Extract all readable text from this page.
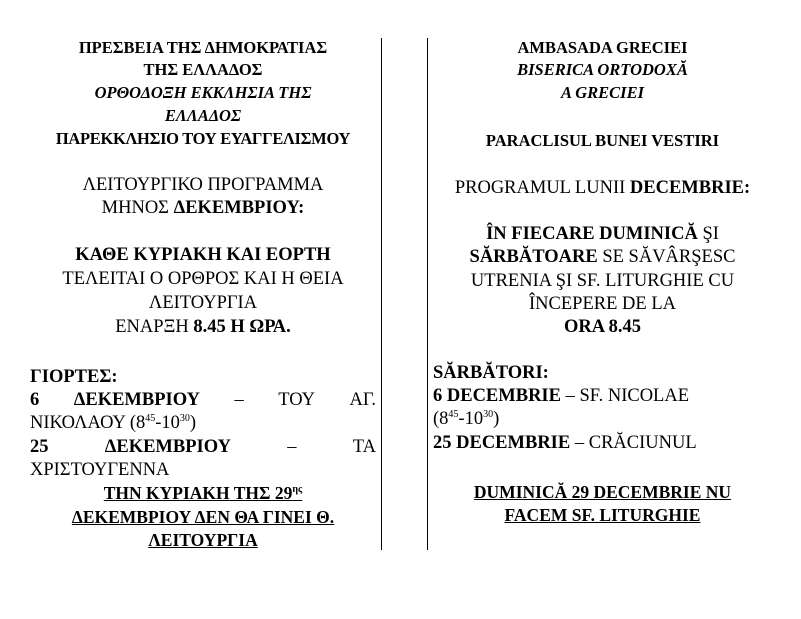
ΠΡΕΣΒΕΙΑ ΤΗΣ ΔΗΜΟΚΡΑΤΙΑΣ
ΤΗΣ ΕΛΛΑΔΟΣ
ΟΡΘΟΔΟΞΗ ΕΚΚΛΗΣΙΑ ΤΗΣ
ΕΛΛΑΔΟΣ
ΠΑΡΕΚΚΛΗΣΙΟ ΤΟΥ ΕΥΑΓΓΕΛΙΣΜΟΥ
ΛΕΙΤΟΥΡΓΙΚΟ ΠΡΟΓΡΑΜΜΑ
ΜΗΝΟΣ ΔΕΚΕΜΒΡΙΟΥ:
ΚΑΘΕ ΚΥΡΙΑΚΗ ΚΑΙ ΕΟΡΤΗ
ΤΕΛΕΙΤΑΙ Ο ΟΡΘΡΟΣ ΚΑΙ Η ΘΕΙΑ
ΛΕΙΤΟΥΡΓΙΑ
ΕΝΑΡΞΗ 8.45 Η ΩΡΑ.
ΓΙΟΡΤΕΣ:
6 ΔΕΚΕΜΒΡΙΟΥ – ΤΟΥ ΑΓ.
ΝΙΚΟΛΑΟΥ $(8^{45}-10^{30})$
25	ΔΕΚΕΜΒΡΙΟΥ	–	ΤΑ
ΧΡΙΣΤΟΥΓΕΝΝΑ
ΤΗΝ ΚΥΡΙΑΚΗ ΤΗΣ $29^{\eta\varsigma}$
ΔΕΚΕΜΒΡΙΟΥ ΔΕΝ ΘΑ ΓΙΝΕΙ Θ.
ΛΕΙΤΟΥΡΓΙΑ
AMBASADA GRECIEI
BISERICA ORTODOXĂ
A GRECIEI
PARACLISUL BUNEI VESTIRI
PROGRAMUL LUNII DECEMBRIE:
ÎN FIECARE DUMINICĂ ŞI
SĂRBĂTOARE SE SĂVÂRŞESC
UTRENIA ŞI SF. LITURGHIE CU
ÎNCEPERE DE LA
ORA 8.45
SĂRBĂTORI:
6 DECEMBRIE – SF. NICOLAE
$(8^{45}-10^{30})$
25 DECEMBRIE – CRĂCIUNUL
DUMINICĂ 29 DECEMBRIE NU
FACEM SF. LITURGHIE
